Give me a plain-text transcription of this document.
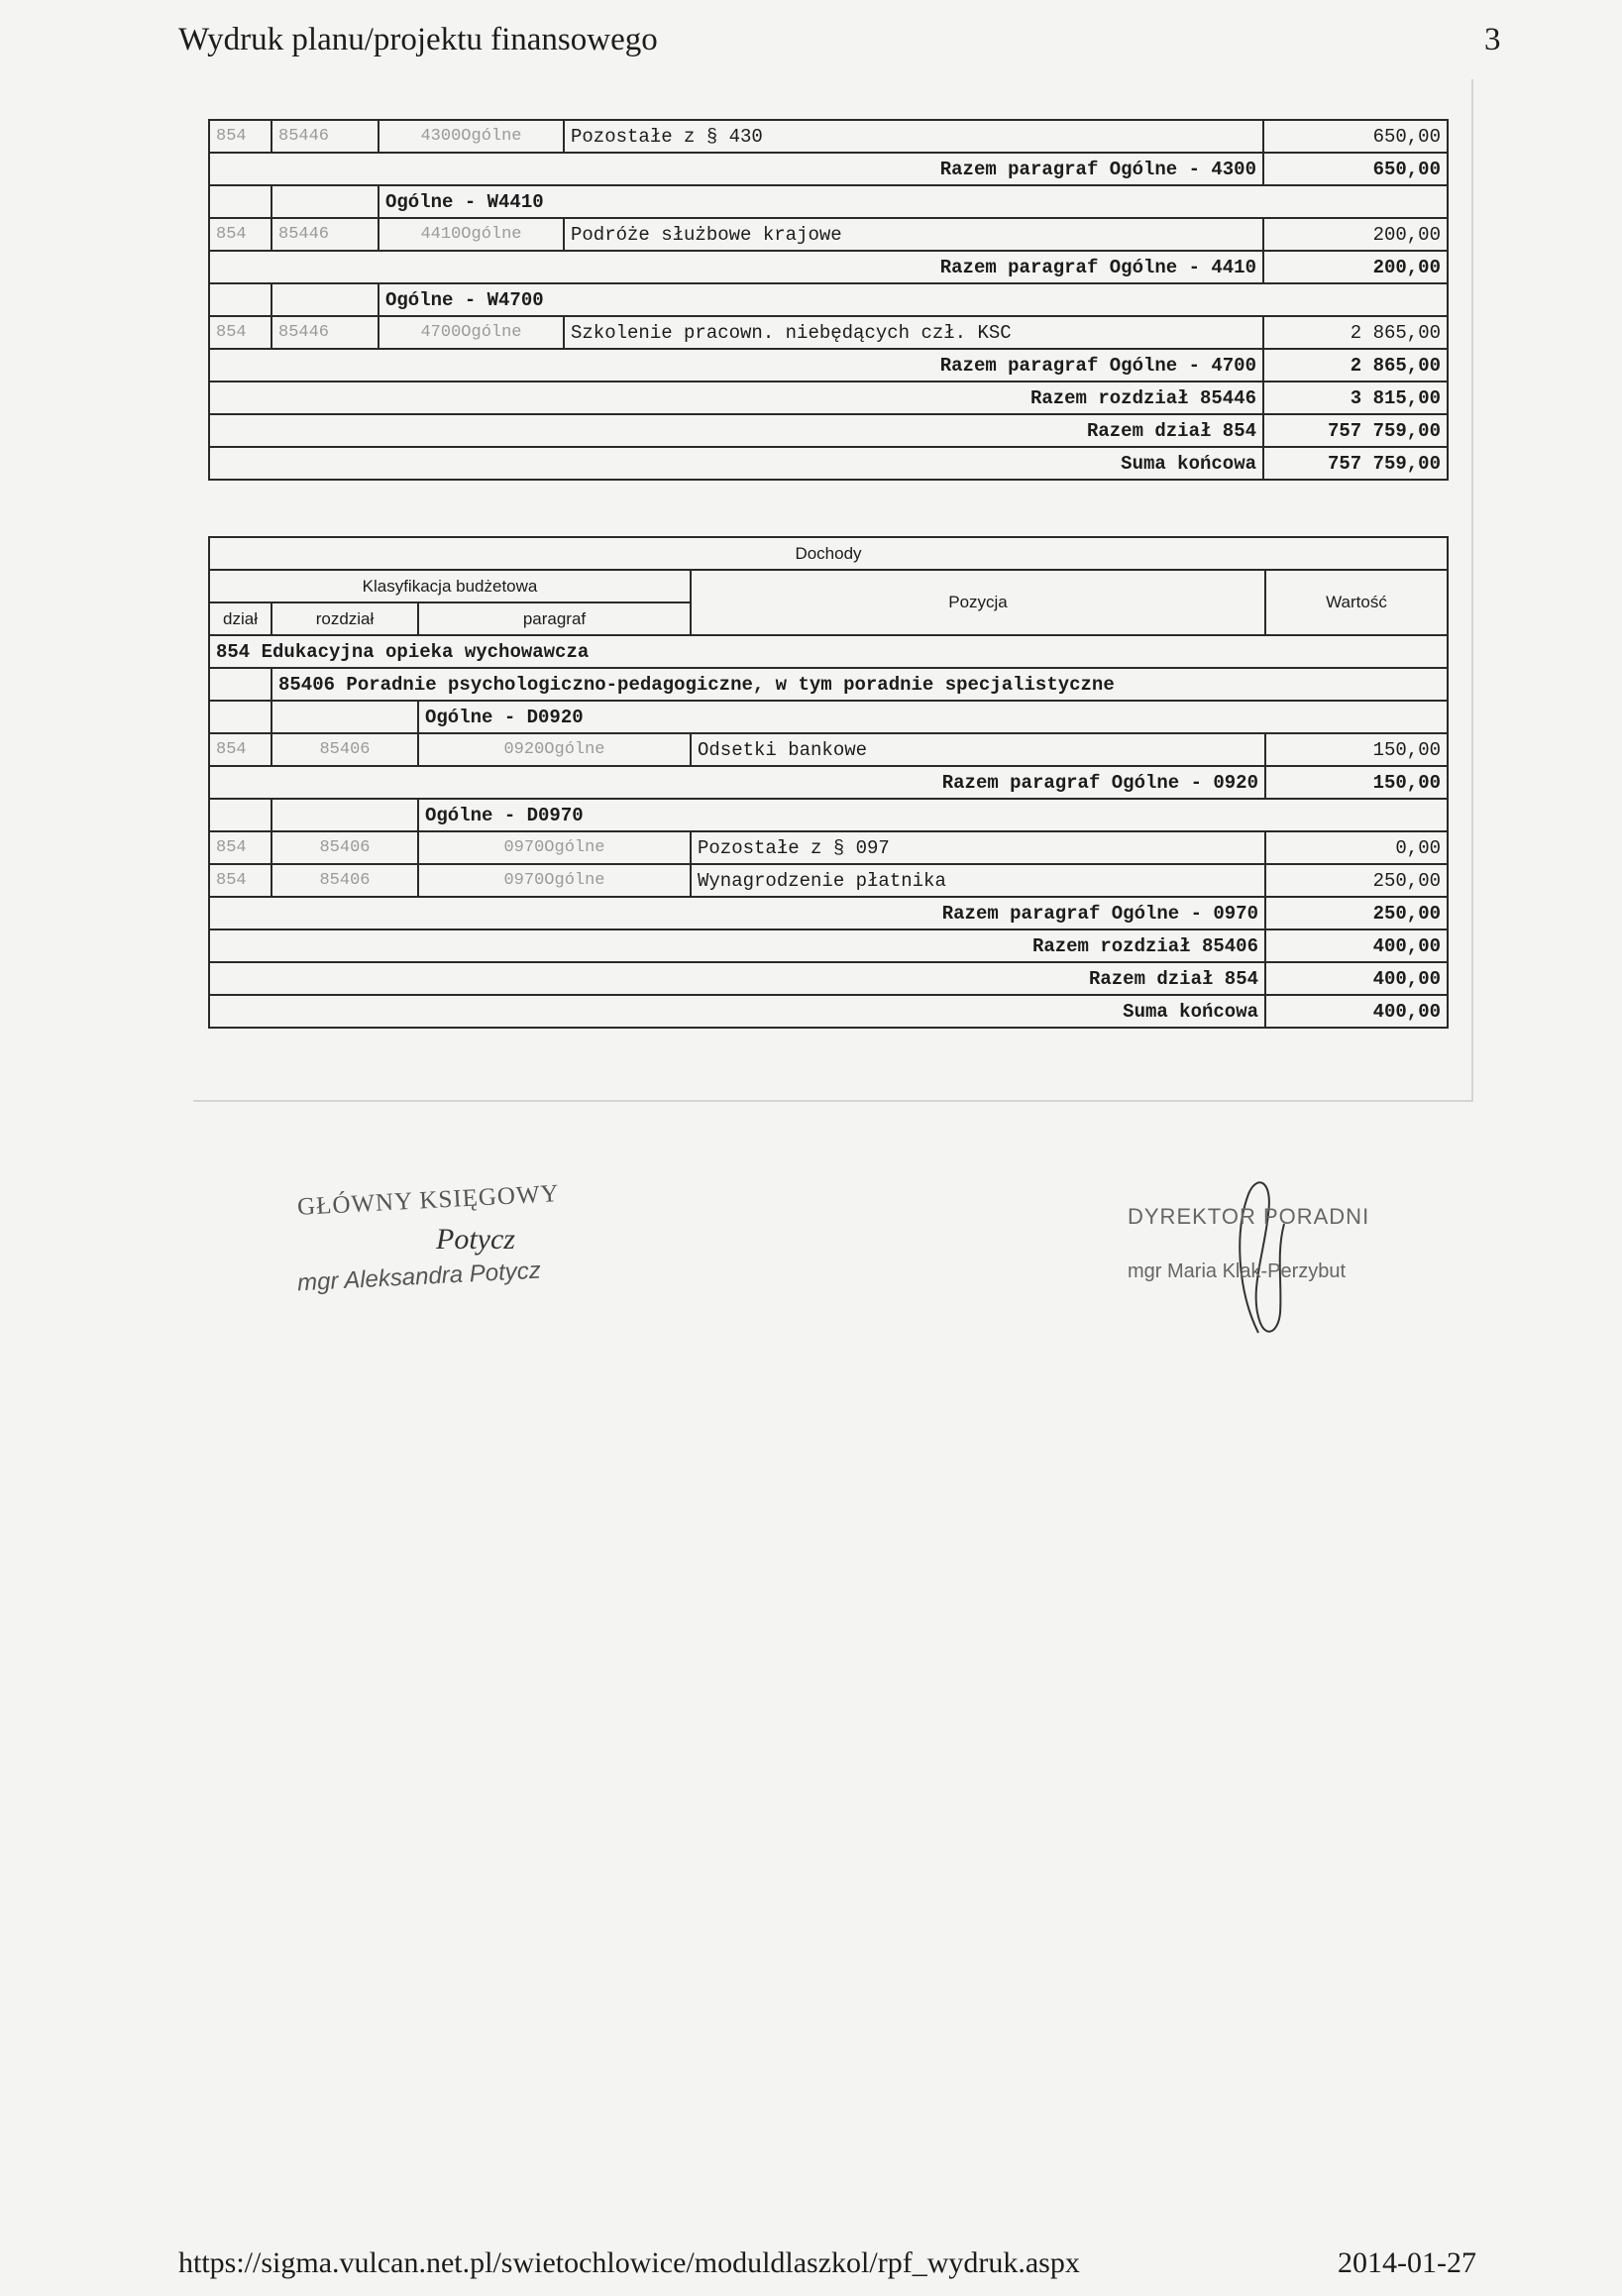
Wydruk planu/projektu finansowego	3
854	85446	4300Ogólne	Pozostałe z § 430	650,00
Razem paragraf Ogólne - 4300				650,00
		Ogólne - W4410		
854	85446	4410Ogólne	Podróże służbowe krajowe	200,00
Razem paragraf Ogólne - 4410				200,00
		Ogólne - W4700		
854	85446	4700Ogólne	Szkolenie pracown. niebędących czł. KSC	2 865,00
Razem paragraf Ogólne - 4700				2 865,00
Razem rozdział 85446				3 815,00
Razem dział 854				757 759,00
Suma końcowa				757 759,00
Dochody				
Klasyfikacja budżetowa			Pozycja	Wartość
dział	rozdział	paragraf		
854 Edukacyjna opieka wychowawcza				
	85406 Poradnie psychologiczno-pedagogiczne, w tym poradnie specjalistyczne			
		Ogólne - D0920		
854	85406	0920Ogólne	Odsetki bankowe	150,00
Razem paragraf Ogólne - 0920				150,00
		Ogólne - D0970		
854	85406	0970Ogólne	Pozostałe z § 097	0,00
854	85406	0970Ogólne	Wynagrodzenie płatnika	250,00
Razem paragraf Ogólne - 0970				250,00
Razem rozdział 85406				400,00
Razem dział 854				400,00
Suma końcowa				400,00
GŁÓWNY KSIĘGOWY
Potycz
mgr Aleksandra Potycz
DYREKTOR PORADNI
mgr Maria Klak-Perzybut
https://sigma.vulcan.net.pl/swietochlowice/moduldlaszkol/rpf_wydruk.aspx	2014-01-27
